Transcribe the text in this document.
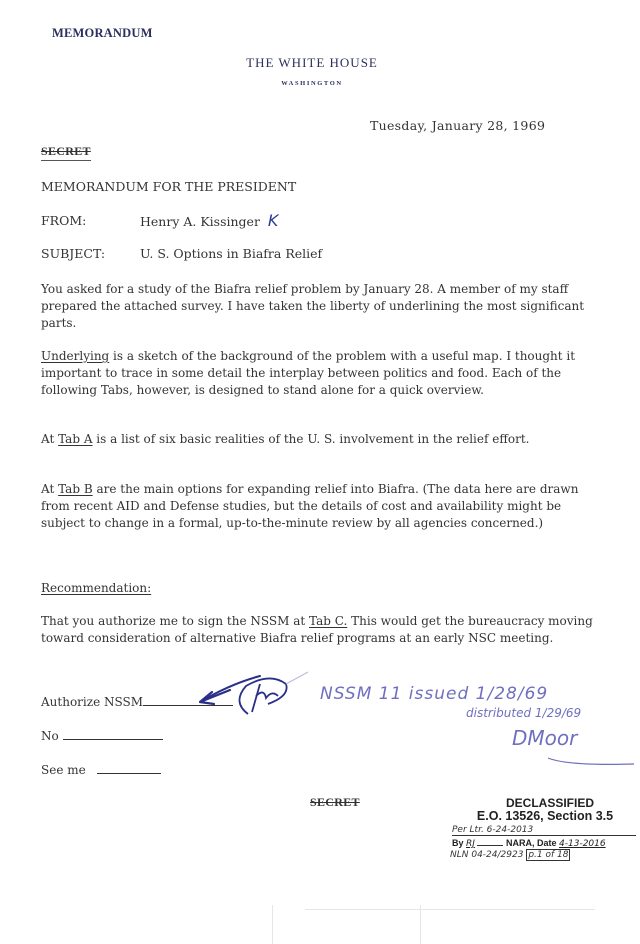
MEMORANDUM
THE WHITE HOUSE
WASHINGTON
Tuesday, January 28, 1969
SECRET
MEMORANDUM FOR THE PRESIDENT
FROM:	Henry A. Kissinger K
SUBJECT:	U. S. Options in Biafra Relief
You asked for a study of the Biafra relief problem by January 28. A member of my staff prepared the attached survey. I have taken the liberty of underlining the most significant parts.
Underlying is a sketch of the background of the problem with a useful map. I thought it important to trace in some detail the interplay between politics and food. Each of the following Tabs, however, is designed to stand alone for a quick overview.
At Tab A is a list of six basic realities of the U. S. involvement in the relief effort.
At Tab B are the main options for expanding relief into Biafra. (The data here are drawn from recent AID and Defense studies, but the details of cost and availability might be subject to change in a formal, up-to-the-minute review by all agencies concerned.)
Recommendation:
That you authorize me to sign the NSSM at Tab C. This would get the bureaucracy moving toward consideration of alternative Biafra relief programs at an early NSC meeting.
Authorize NSSM
No
See me
NSSM 11 issued 1/28/69
distributed 1/29/69
DMoor
SECRET	DECLASSIFIED
E.O. 13526, Section 3.5
Per Ltr. 6-24-2013
By RJ	NARA, Date 4-13-2016
NLN 04-24/2923 p.1 of 18
